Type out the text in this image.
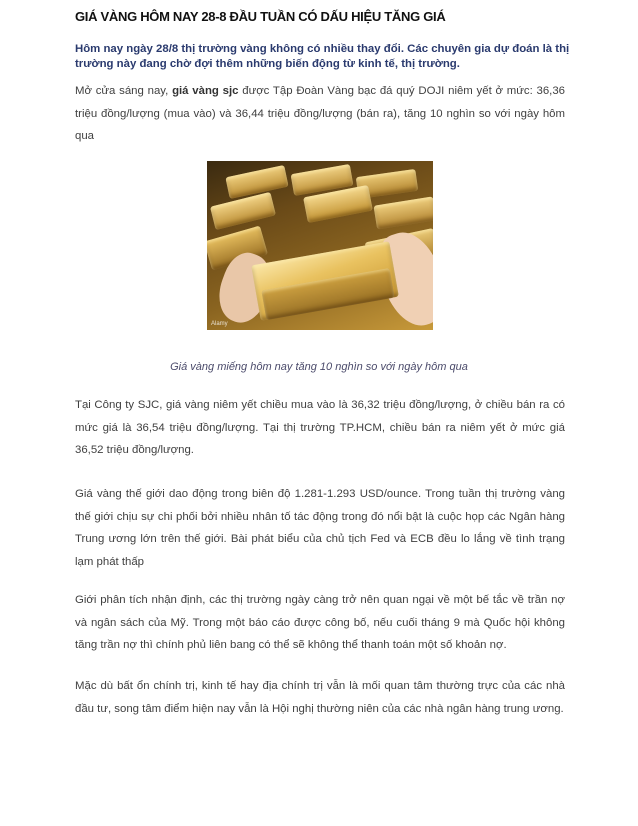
GIÁ VÀNG HÔM NAY 28-8 ĐẦU TUẦN CÓ DẤU HIỆU TĂNG GIÁ

Hôm nay ngày 28/8 thị trường vàng không có nhiều thay đổi. Các chuyên gia dự đoán là thị trường này đang chờ đợi thêm những biến động từ kinh tế, thị trường.

Mở cửa sáng nay, giá vàng sjc được Tập Đoàn Vàng bạc đá quý DOJI niêm yết ở mức: 36,36 triệu đồng/lượng (mua vào) và 36,44 triệu đồng/lượng (bán ra), tăng 10 nghìn so với ngày hôm qua

Alamy

Giá vàng miếng hôm nay tăng 10 nghìn so với ngày hôm qua

Tại Công ty SJC, giá vàng niêm yết chiều mua vào là 36,32 triệu đồng/lượng, ở chiều bán ra có mức giá là 36,54 triệu đồng/lượng. Tại thị trường TP.HCM, chiều bán ra niêm yết ở mức giá 36,52 triệu đồng/lượng.

Giá vàng thế giới dao động trong biên độ 1.281-1.293 USD/ounce. Trong tuần thị trường vàng thế giới chịu sự chi phối bởi nhiều nhân tố tác động trong đó nổi bật là cuộc họp các Ngân hàng Trung ương lớn trên thế giới. Bài phát biểu của chủ tịch Fed và ECB đều lo lắng về tình trạng lạm phát thấp

Giới phân tích nhận định, các thị trường ngày càng trở nên quan ngại về một bế tắc về trần nợ và ngân sách của Mỹ. Trong một báo cáo được công bố, nếu cuối tháng 9 mà Quốc hội không tăng trần nợ thì chính phủ liên bang có thể sẽ không thể thanh toán một số khoản nợ.

Mặc dù bất ổn chính trị, kinh tế hay địa chính trị vẫn là mối quan tâm thường trực của các nhà đầu tư, song tâm điểm hiện nay vẫn là Hội nghị thường niên của các nhà ngân hàng trung ương.
